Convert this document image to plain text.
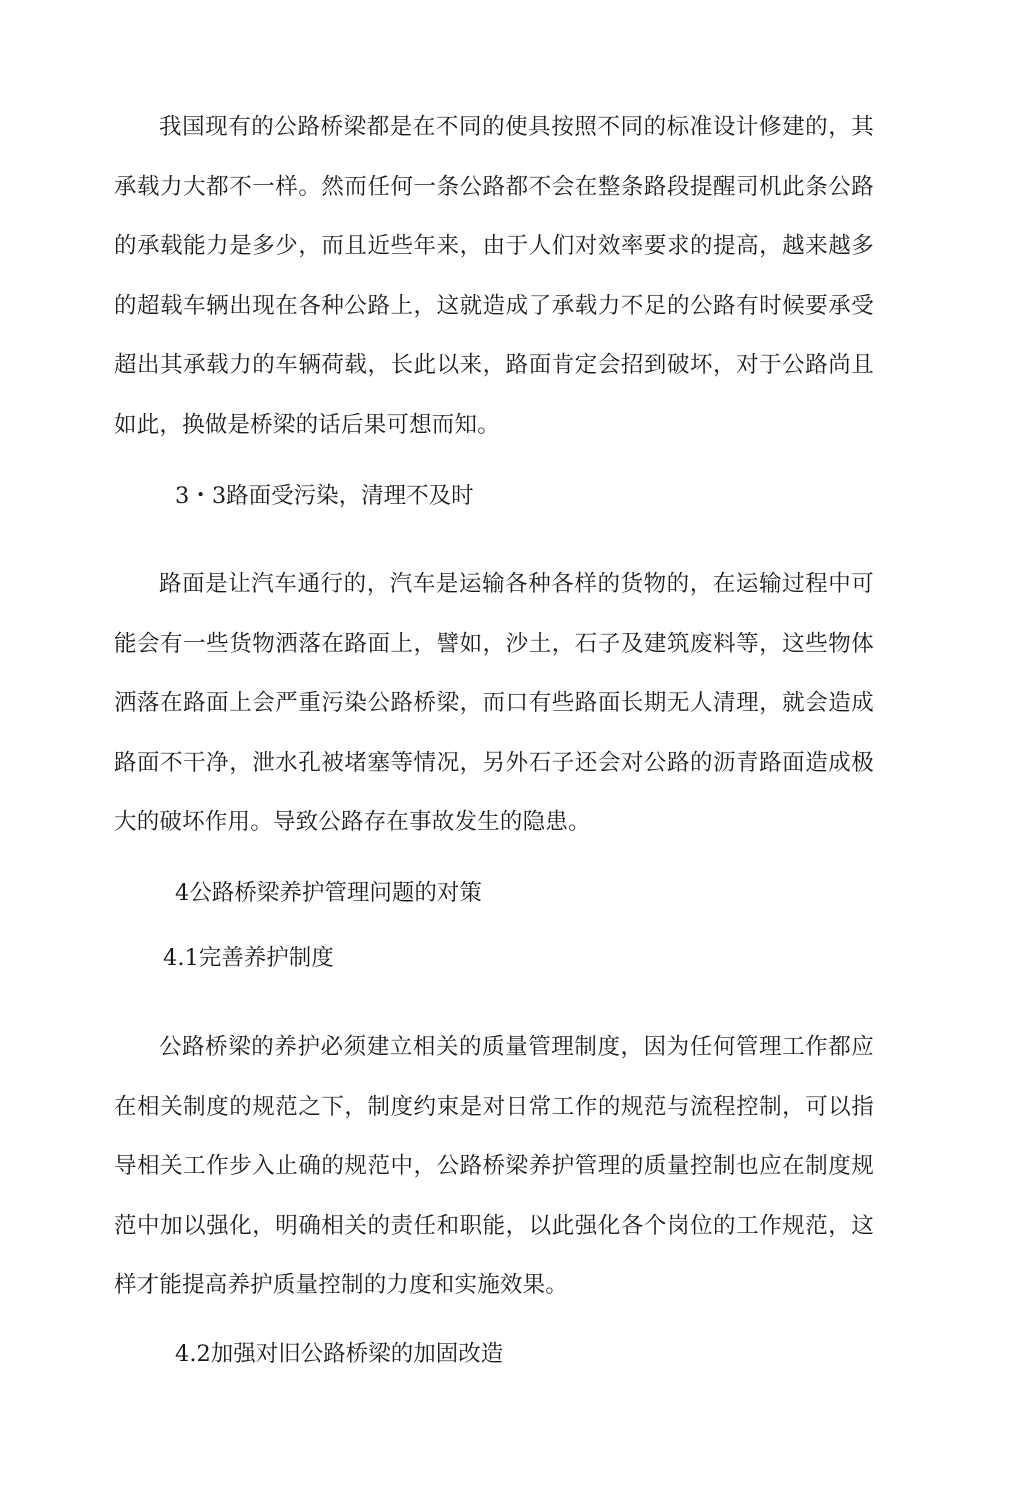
我国现有的公路桥梁都是在不同的使具按照不同的标准设计修建的，其承载力大都不一样。然而任何一条公路都不会在整条路段提醒司机此条公路的承载能力是多少，而且近些年来，由于人们对效率要求的提高，越来越多的超载车辆出现在各种公路上，这就造成了承载力不足的公路有时候要承受超出其承载力的车辆荷载，长此以来，路面肯定会招到破坏，对于公路尚且如此，换做是桥梁的话后果可想而知。

3・3路面受污染，清理不及时

路面是让汽车通行的，汽车是运输各种各样的货物的，在运输过程中可能会有一些货物洒落在路面上，譬如，沙土，石子及建筑废料等，这些物体洒落在路面上会严重污染公路桥梁，而口有些路面长期无人清理，就会造成路面不干净，泄水孔被堵塞等情况，另外石子还会对公路的沥青路面造成极大的破坏作用。导致公路存在事故发生的隐患。

4公路桥梁养护管理问题的对策
4.1完善养护制度

公路桥梁的养护必须建立相关的质量管理制度，因为任何管理工作都应在相关制度的规范之下，制度约束是对日常工作的规范与流程控制，可以指导相关工作步入止确的规范中，公路桥梁养护管理的质量控制也应在制度规范中加以强化，明确相关的责任和职能，以此强化各个岗位的工作规范，这样才能提高养护质量控制的力度和实施效果。

4.2加强对旧公路桥梁的加固改造
